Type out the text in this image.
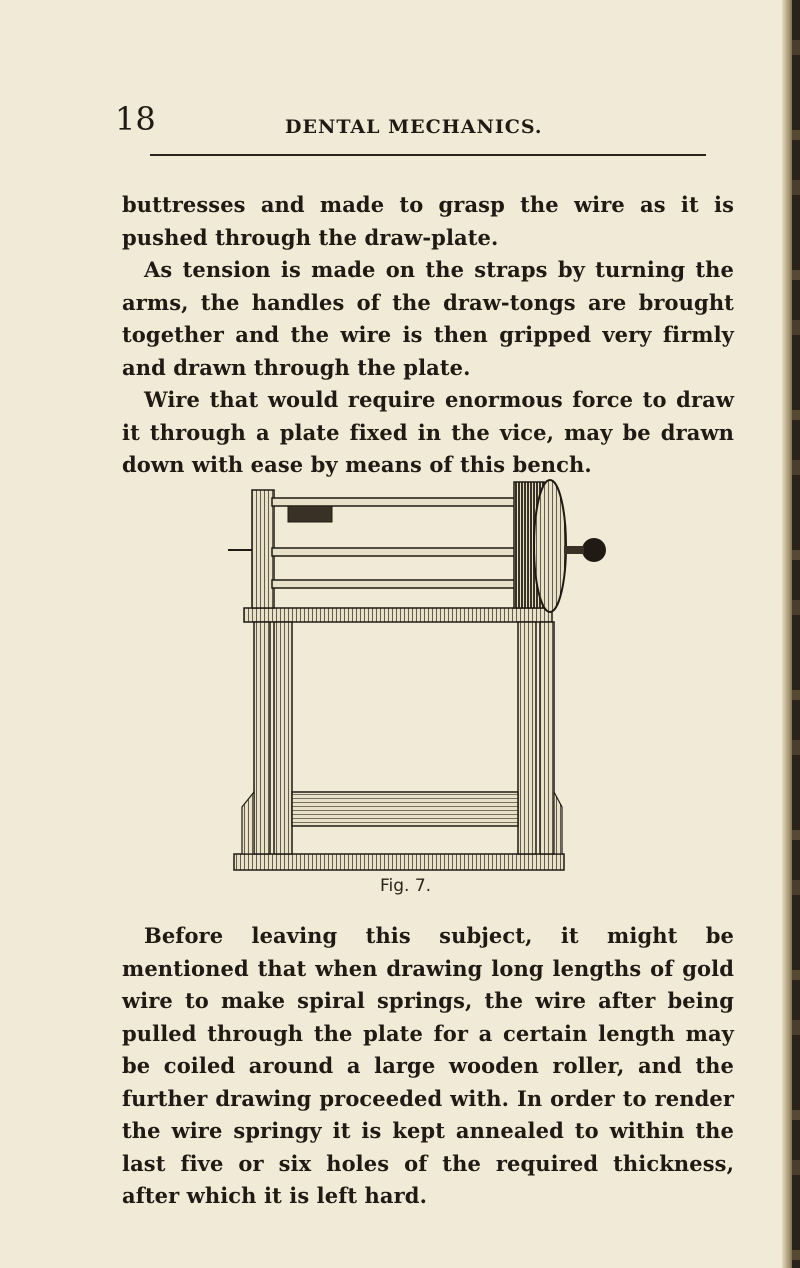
18	DENTAL MECHANICS.

buttresses and made to grasp the wire as it is pushed through the draw-plate.

As tension is made on the straps by turning the arms, the handles of the draw-tongs are brought together and the wire is then gripped very firmly and drawn through the plate.

Wire that would require enormous force to draw it through a plate fixed in the vice, may be drawn down with ease by means of this bench.

Fig. 7.

Before leaving this subject, it might be mentioned that when drawing long lengths of gold wire to make spiral springs, the wire after being pulled through the plate for a certain length may be coiled around a large wooden roller, and the further drawing proceeded with. In order to render the wire springy it is kept annealed to within the last five or six holes of the required thickness, after which it is left hard.
